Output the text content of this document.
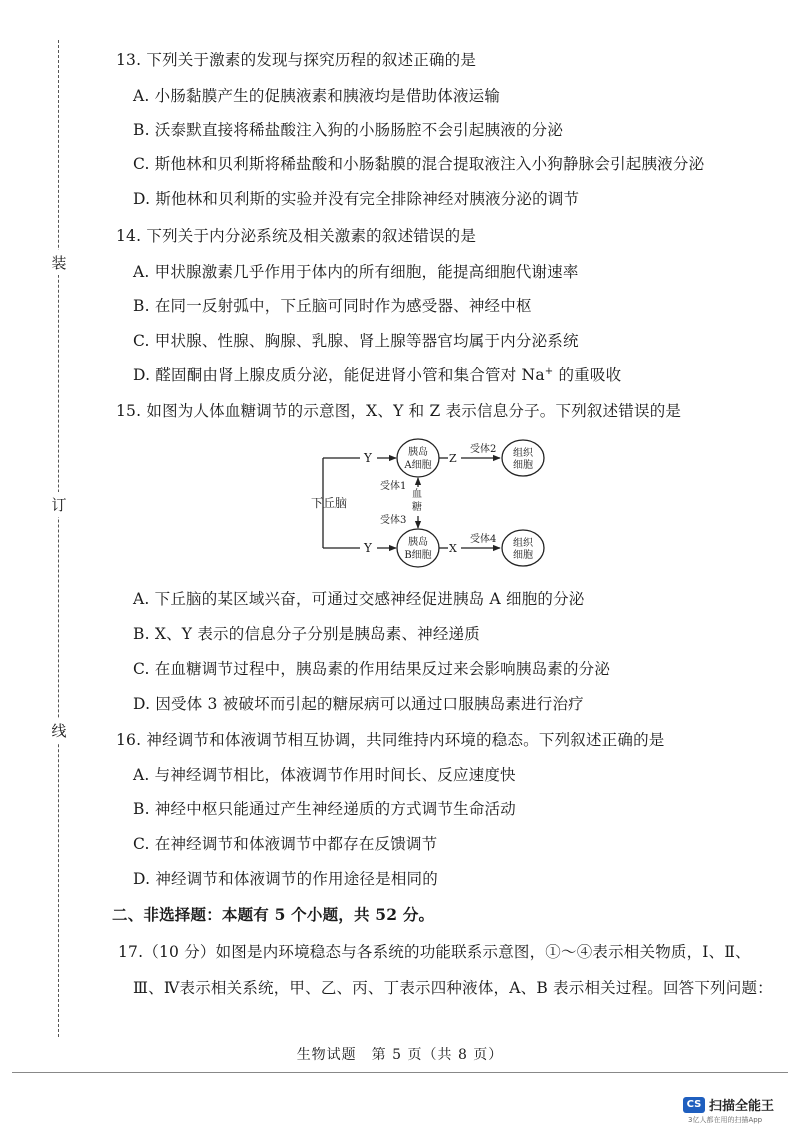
装
订
线
13. 下列关于激素的发现与探究历程的叙述正确的是
A. 小肠黏膜产生的促胰液素和胰液均是借助体液运输
B. 沃泰默直接将稀盐酸注入狗的小肠肠腔不会引起胰液的分泌
C. 斯他林和贝利斯将稀盐酸和小肠黏膜的混合提取液注入小狗静脉会引起胰液分泌
D. 斯他林和贝利斯的实验并没有完全排除神经对胰液分泌的调节
14. 下列关于内分泌系统及相关激素的叙述错误的是
A. 甲状腺激素几乎作用于体内的所有细胞，能提高细胞代谢速率
B. 在同一反射弧中，下丘脑可同时作为感受器、神经中枢
C. 甲状腺、性腺、胸腺、乳腺、肾上腺等器官均属于内分泌系统
D. 醛固酮由肾上腺皮质分泌，能促进肾小管和集合管对 Na+ 的重吸收
15. 如图为人体血糖调节的示意图，X、Y 和 Z 表示信息分子。下列叙述错误的是
下丘脑
Y
Y
胰岛
A细胞
胰岛
B细胞
Z
X
受体2
受体4
受体1
受体3
血
糖
组织
细胞
组织
细胞
A. 下丘脑的某区域兴奋，可通过交感神经促进胰岛 A 细胞的分泌
B. X、Y 表示的信息分子分别是胰岛素、神经递质
C. 在血糖调节过程中，胰岛素的作用结果反过来会影响胰岛素的分泌
D. 因受体 3 被破坏而引起的糖尿病可以通过口服胰岛素进行治疗
16. 神经调节和体液调节相互协调，共同维持内环境的稳态。下列叙述正确的是
A. 与神经调节相比，体液调节作用时间长、反应速度快
B. 神经中枢只能通过产生神经递质的方式调节生命活动
C. 在神经调节和体液调节中都存在反馈调节
D. 神经调节和体液调节的作用途径是相同的
二、非选择题：本题有 5 个小题，共 52 分。
17.（10 分）如图是内环境稳态与各系统的功能联系示意图，①～④表示相关物质，Ⅰ、Ⅱ、
Ⅲ、Ⅳ表示相关系统，甲、乙、丙、丁表示四种液体，A、B 表示相关过程。回答下列问题：
生物试题　第 5 页（共 8 页）
CS 扫描全能王
3亿人都在用的扫描App
